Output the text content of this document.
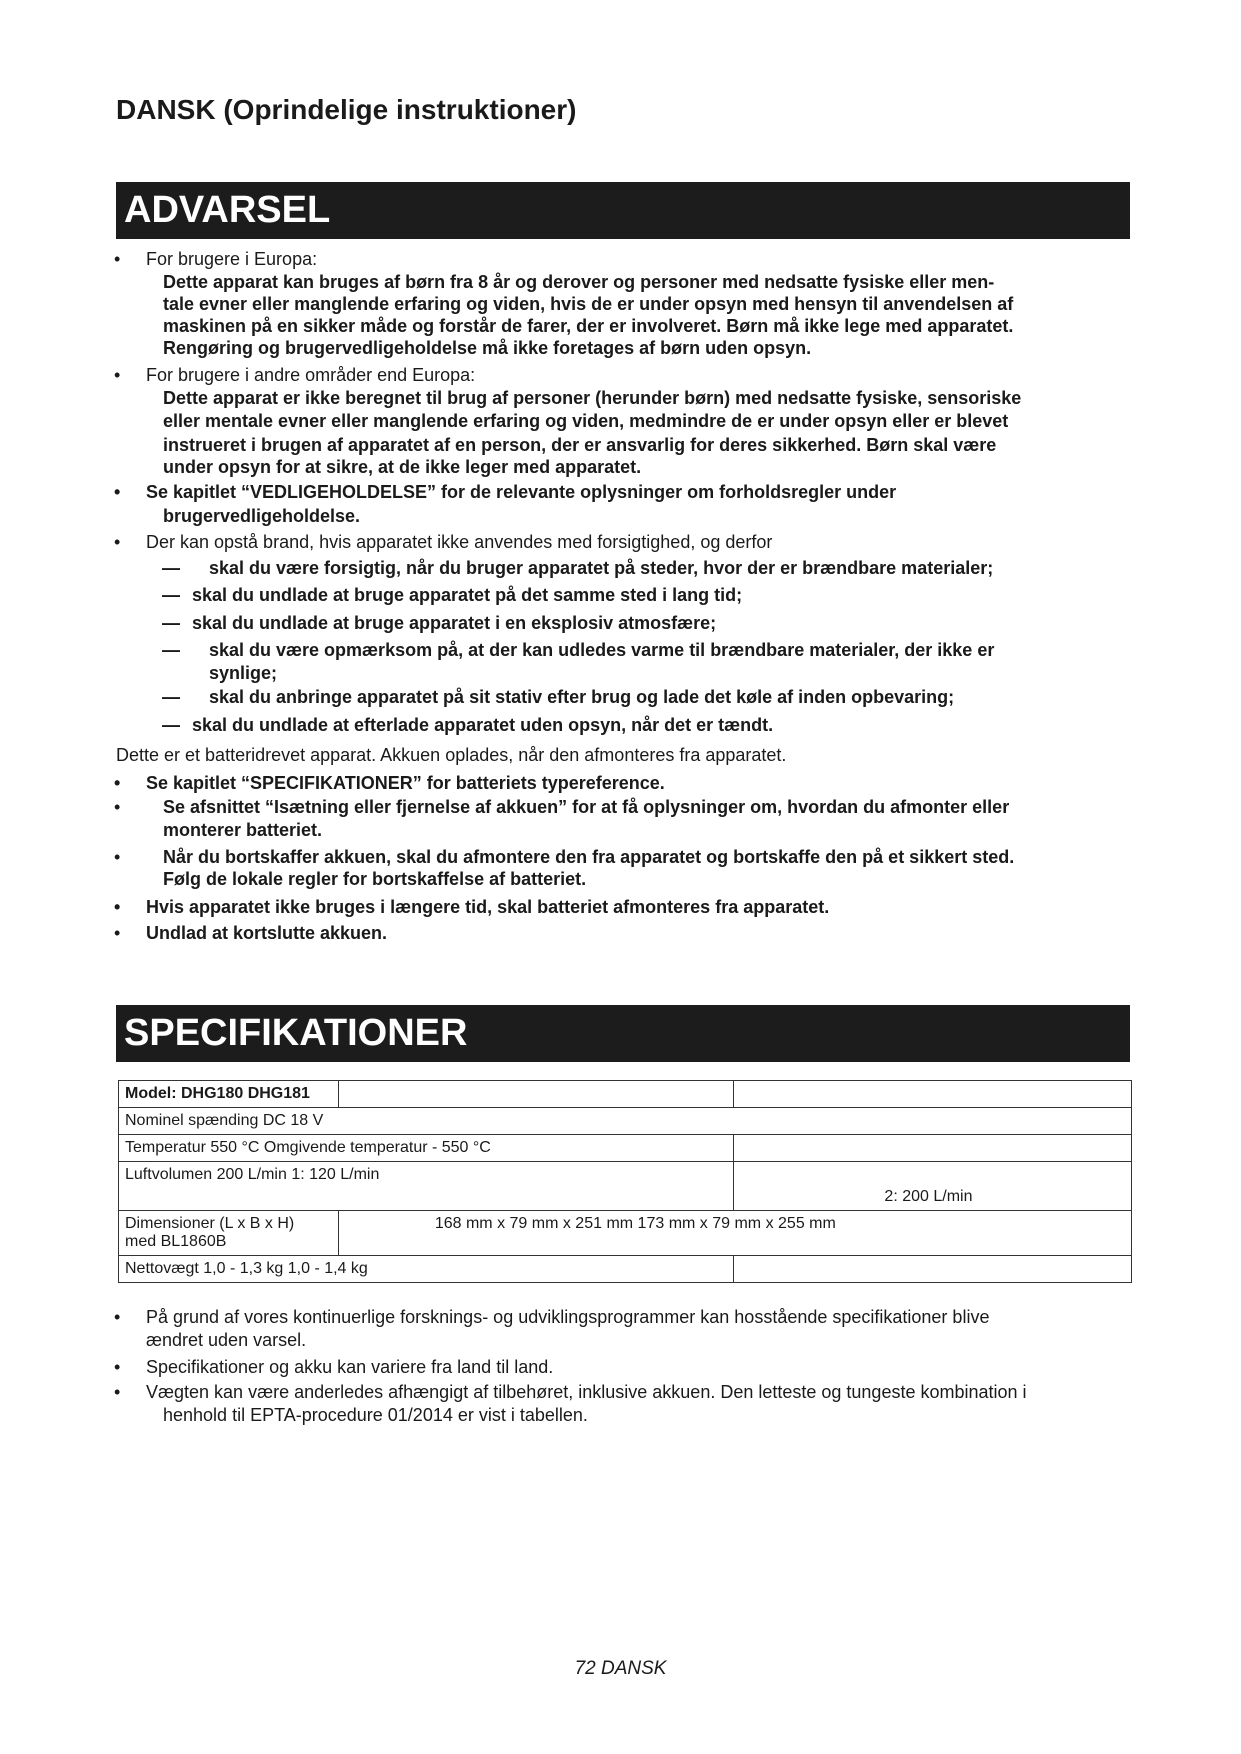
DANSK (Oprindelige instruktioner)
ADVARSEL
• For brugere i Europa:
Dette apparat kan bruges af børn fra 8 år og derover og personer med nedsatte fysiske eller men-
tale evner eller manglende erfaring og viden, hvis de er under opsyn med hensyn til anvendelsen af
maskinen på en sikker måde og forstår de farer, der er involveret. Børn må ikke lege med apparatet.
Rengøring og brugervedligeholdelse må ikke foretages af børn uden opsyn.
• For brugere i andre områder end Europa:
Dette apparat er ikke beregnet til brug af personer (herunder børn) med nedsatte fysiske, sensoriske
eller mentale evner eller manglende erfaring og viden, medmindre de er under opsyn eller er blevet
instrueret i brugen af apparatet af en person, der er ansvarlig for deres sikkerhed. Børn skal være
under opsyn for at sikre, at de ikke leger med apparatet.
• Se kapitlet “VEDLIGEHOLDELSE” for de relevante oplysninger om forholdsregler under
brugervedligeholdelse.
• Der kan opstå brand, hvis apparatet ikke anvendes med forsigtighed, og derfor
— skal du være forsigtig, når du bruger apparatet på steder, hvor der er brændbare materialer;
— skal du undlade at bruge apparatet på det samme sted i lang tid;
— skal du undlade at bruge apparatet i en eksplosiv atmosfære;
— skal du være opmærksom på, at der kan udledes varme til brændbare materialer, der ikke er
synlige;
— skal du anbringe apparatet på sit stativ efter brug og lade det køle af inden opbevaring;
— skal du undlade at efterlade apparatet uden opsyn, når det er tændt.
Dette er et batteridrevet apparat. Akkuen oplades, når den afmonteres fra apparatet.
• Se kapitlet “SPECIFIKATIONER” for batteriets typereference.
• Se afsnittet “Isætning eller fjernelse af akkuen” for at få oplysninger om, hvordan du afmonter eller
monterer batteriet.
• Når du bortskaffer akkuen, skal du afmontere den fra apparatet og bortskaffe den på et sikkert sted.
Følg de lokale regler for bortskaffelse af batteriet.
• Hvis apparatet ikke bruges i længere tid, skal batteriet afmonteres fra apparatet.
• Undlad at kortslutte akkuen.
SPECIFIKATIONER
Model: DHG180 DHG181		
Nominel spænding DC 18 V		
Temperatur 550 °C Omgivende temperatur - 550 °C		
Luftvolumen 200 L/min 1: 120 L/min		2: 200 L/min

Dimensioner (L x B x H)
med BL1860B	168 mm x 79 mm x 251 mm 173 mm x 79 mm x 255 mm	
Nettovægt 1,0 - 1,3 kg 1,0 - 1,4 kg		
• På grund af vores kontinuerlige forsknings- og udviklingsprogrammer kan hosstående specifikationer blive
ændret uden varsel.
• Specifikationer og akku kan variere fra land til land.
• Vægten kan være anderledes afhængigt af tilbehøret, inklusive akkuen. Den letteste og tungeste kombination i
henhold til EPTA-procedure 01/2014 er vist i tabellen.
72 DANSK
